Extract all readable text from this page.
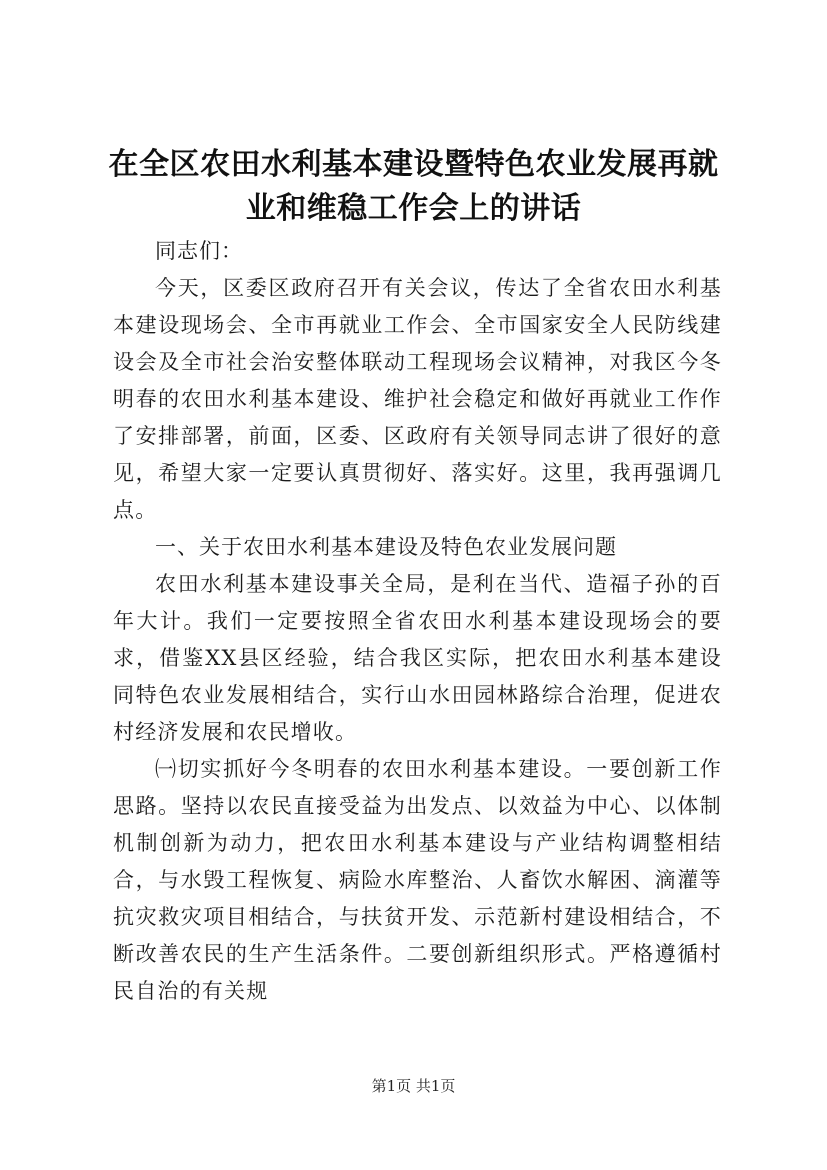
在全区农田水利基本建设暨特色农业发展再就业和维稳工作会上的讲话

同志们：

今天，区委区政府召开有关会议，传达了全省农田水利基本建设现场会、全市再就业工作会、全市国家安全人民防线建设会及全市社会治安整体联动工程现场会议精神，对我区今冬明春的农田水利基本建设、维护社会稳定和做好再就业工作作了安排部署，前面，区委、区政府有关领导同志讲了很好的意见，希望大家一定要认真贯彻好、落实好。这里，我再强调几点。

一、关于农田水利基本建设及特色农业发展问题

农田水利基本建设事关全局，是利在当代、造福子孙的百年大计。我们一定要按照全省农田水利基本建设现场会的要求，借鉴XX县区经验，结合我区实际，把农田水利基本建设同特色农业发展相结合，实行山水田园林路综合治理，促进农村经济发展和农民增收。

㈠切实抓好今冬明春的农田水利基本建设。一要创新工作思路。坚持以农民直接受益为出发点、以效益为中心、以体制机制创新为动力，把农田水利基本建设与产业结构调整相结合，与水毁工程恢复、病险水库整治、人畜饮水解困、滴灌等抗灾救灾项目相结合，与扶贫开发、示范新村建设相结合，不断改善农民的生产生活条件。二要创新组织形式。严格遵循村民自治的有关规

第1页 共1页
